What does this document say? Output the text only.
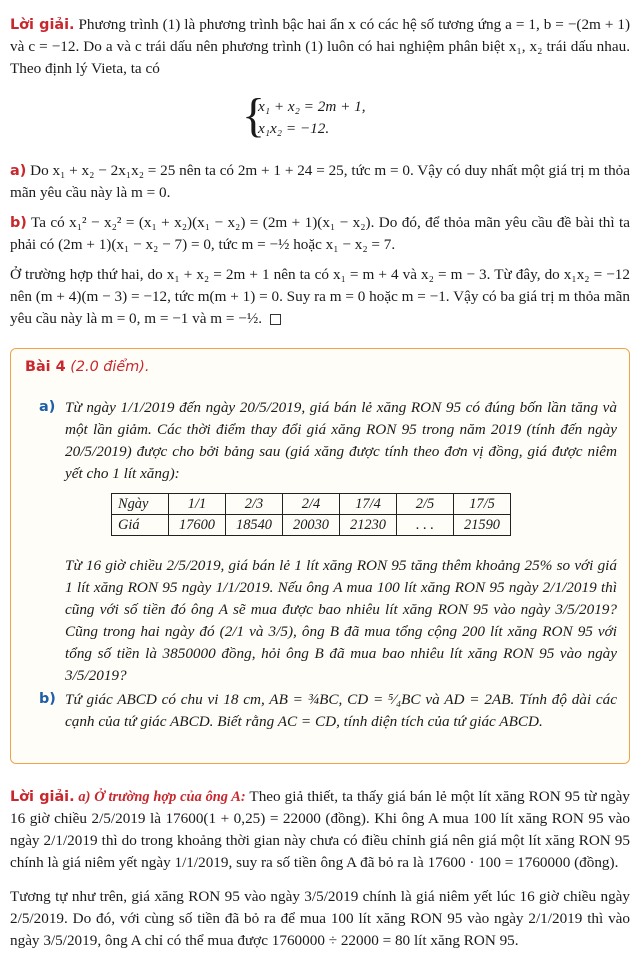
Lời giải. Phương trình (1) là phương trình bậc hai ẩn x có các hệ số tương ứng a = 1, b = −(2m + 1) và c = −12. Do a và c trái dấu nên phương trình (1) luôn có hai nghiệm phân biệt x₁, x₂ trái dấu nhau. Theo định lý Vieta, ta có

{
x₁ + x₂ = 2m + 1,
x₁x₂ = −12.

a) Do x₁ + x₂ − 2x₁x₂ = 25 nên ta có 2m + 1 + 24 = 25, tức m = 0. Vậy có duy nhất một giá trị m thỏa mãn yêu cầu này là m = 0.

b) Ta có x₁² − x₂² = (x₁ + x₂)(x₁ − x₂) = (2m + 1)(x₁ − x₂). Do đó, để thỏa mãn yêu cầu đề bài thì ta phải có (2m + 1)(x₁ − x₂ − 7) = 0, tức m = −½ hoặc x₁ − x₂ = 7.

Ở trường hợp thứ hai, do x₁ + x₂ = 2m + 1 nên ta có x₁ = m + 4 và x₂ = m − 3. Từ đây, do x₁x₂ = −12 nên (m + 4)(m − 3) = −12, tức m(m + 1) = 0. Suy ra m = 0 hoặc m = −1. Vậy có ba giá trị m thỏa mãn yêu cầu này là m = 0, m = −1 và m = −½.

Bài 4 (2.0 điểm).
a) Từ ngày 1/1/2019 đến ngày 20/5/2019, giá bán lẻ xăng RON 95 có đúng bốn lần tăng và một lần giảm. Các thời điểm thay đổi giá xăng RON 95 trong năm 2019 (tính đến ngày 20/5/2019) được cho bởi bảng sau (giá xăng được tính theo đơn vị đồng, giá được niêm yết cho 1 lít xăng):

Ngày	1/1	2/3	2/4	17/4	2/5	17/5
Giá	17600	18540	20030	21230	. . .	21590

Từ 16 giờ chiều 2/5/2019, giá bán lẻ 1 lít xăng RON 95 tăng thêm khoảng 25% so với giá 1 lít xăng RON 95 ngày 1/1/2019. Nếu ông A mua 100 lít xăng RON 95 ngày 2/1/2019 thì cũng với số tiền đó ông A sẽ mua được bao nhiêu lít xăng RON 95 vào ngày 3/5/2019? Cũng trong hai ngày đó (2/1 và 3/5), ông B đã mua tổng cộng 200 lít xăng RON 95 với tổng số tiền là 3850000 đồng, hỏi ông B đã mua bao nhiêu lít xăng RON 95 vào ngày 3/5/2019?

b) Tứ giác ABCD có chu vi 18 cm, AB = ¾BC, CD = ⁵⁄₄BC và AD = 2AB. Tính độ dài các cạnh của tứ giác ABCD. Biết rằng AC = CD, tính diện tích của tứ giác ABCD.

Lời giải. a) Ở trường hợp của ông A: Theo giả thiết, ta thấy giá bán lẻ một lít xăng RON 95 từ ngày 16 giờ chiều 2/5/2019 là 17600(1 + 0,25) = 22000 (đồng). Khi ông A mua 100 lít xăng RON 95 vào ngày 2/1/2019 thì do trong khoảng thời gian này chưa có điều chỉnh giá nên giá một lít xăng RON 95 chính là giá niêm yết ngày 1/1/2019, suy ra số tiền ông A đã bỏ ra là 17600 · 100 = 1760000 (đồng).

Tương tự như trên, giá xăng RON 95 vào ngày 3/5/2019 chính là giá niêm yết lúc 16 giờ chiều ngày 2/5/2019. Do đó, với cùng số tiền đã bỏ ra để mua 100 lít xăng RON 95 vào ngày 2/1/2019 thì vào ngày 3/5/2019, ông A chỉ có thể mua được 1760000 ÷ 22000 = 80 lít xăng RON 95.
